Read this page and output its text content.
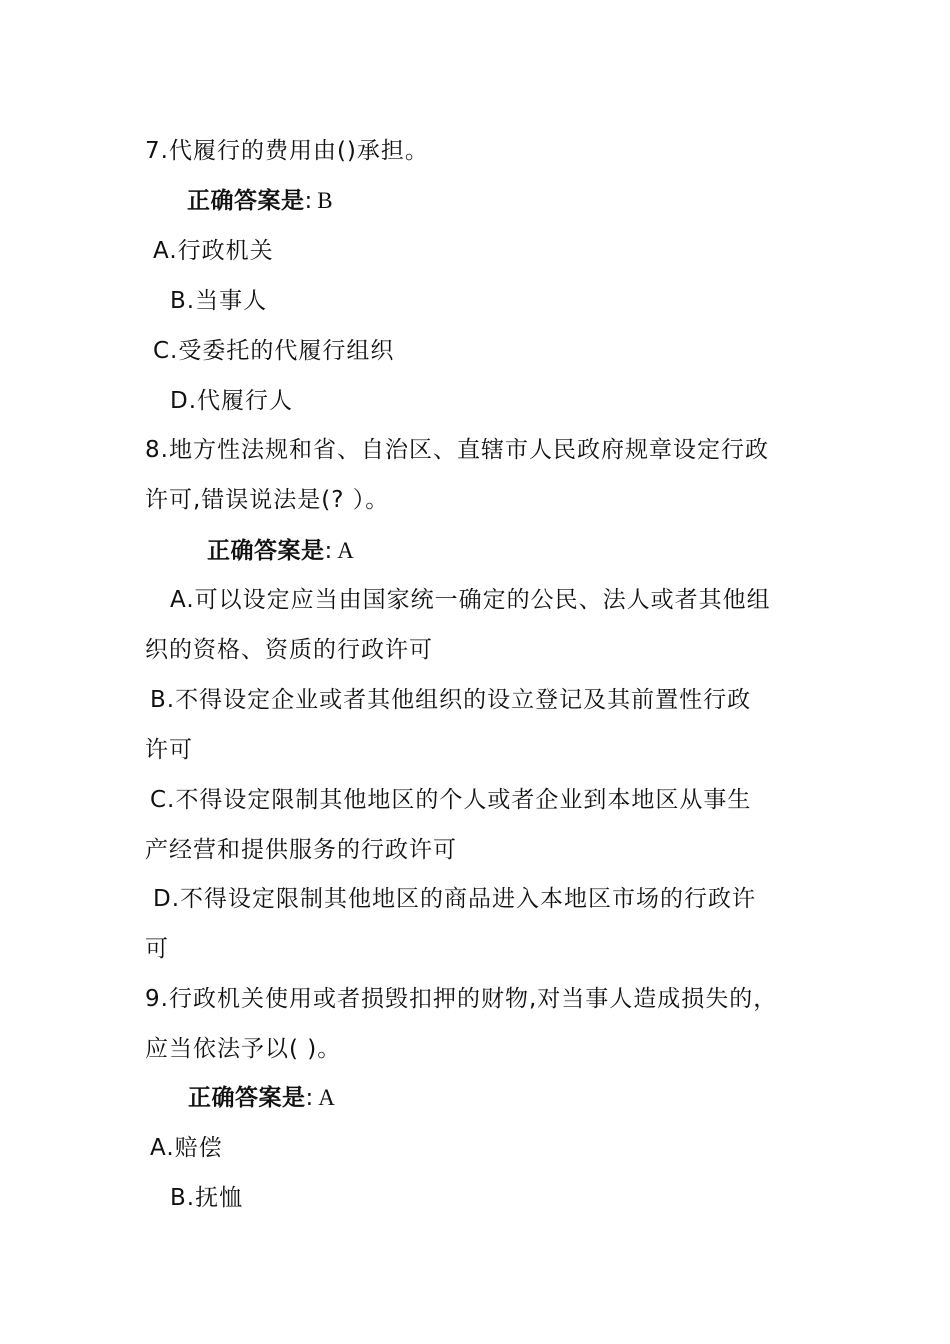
7.代履行的费用由()承担。
正确答案是: B
A.行政机关
B.当事人
C.受委托的代履行组织
D.代履行人
8.地方性法规和省、自治区、直辖市人民政府规章设定行政
许可,错误说法是(? ）。
正确答案是: A
A.可以设定应当由国家统一确定的公民、法人或者其他组
织的资格、资质的行政许可
B.不得设定企业或者其他组织的设立登记及其前置性行政
许可
C.不得设定限制其他地区的个人或者企业到本地区从事生
产经营和提供服务的行政许可
D.不得设定限制其他地区的商品进入本地区市场的行政许
可
9.行政机关使用或者损毁扣押的财物,对当事人造成损失的，
应当依法予以( )。
正确答案是: A
A.赔偿
B.抚恤
